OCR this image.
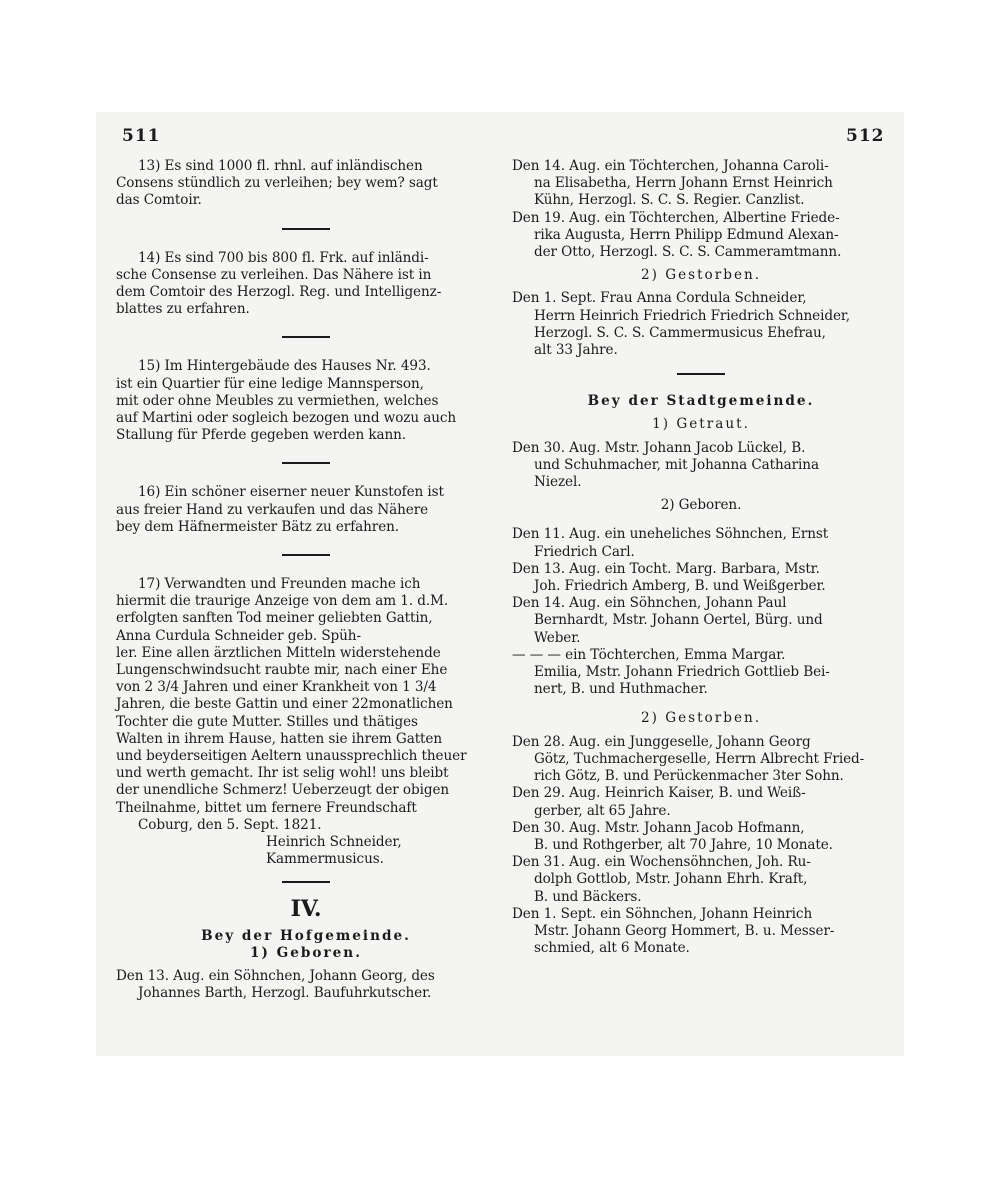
511	512

13) Es sind 1000 fl. rhnl. auf inländischen
Consens stündlich zu verleihen; bey wem? sagt
das Comtoir.

14) Es sind 700 bis 800 fl. Frk. auf inländi-
sche Consense zu verleihen. Das Nähere ist in
dem Comtoir des Herzogl. Reg. und Intelligenz-
blattes zu erfahren.

15) Im Hintergebäude des Hauses Nr. 493.
ist ein Quartier für eine ledige Mannsperson,
mit oder ohne Meubles zu vermiethen, welches
auf Martini oder sogleich bezogen und wozu auch
Stallung für Pferde gegeben werden kann.

16) Ein schöner eiserner neuer Kunstofen ist
aus freier Hand zu verkaufen und das Nähere
bey dem Häfnermeister Bätz zu erfahren.

17) Verwandten und Freunden mache ich
hiermit die traurige Anzeige von dem am 1. d.M.
erfolgten sanften Tod meiner geliebten Gattin,
Anna Curdula Schneider geb. Spüh-
ler. Eine allen ärztlichen Mitteln widerstehende
Lungenschwindsucht raubte mir, nach einer Ehe
von 2 3/4 Jahren und einer Krankheit von 1 3/4
Jahren, die beste Gattin und einer 22monatlichen
Tochter die gute Mutter. Stilles und thätiges
Walten in ihrem Hause, hatten sie ihrem Gatten
und beyderseitigen Aeltern unaussprechlich theuer
und werth gemacht. Ihr ist selig wohl! uns bleibt
der unendliche Schmerz! Ueberzeugt der obigen
Theilnahme, bittet um fernere Freundschaft

Coburg, den 5. Sept. 1821.

Heinrich Schneider,
Kammermusicus.

IV.

Bey der Hofgemeinde.

1) Geboren.

Den 13. Aug. ein Söhnchen, Johann Georg, des
Johannes Barth, Herzogl. Baufuhrkutscher.

Den 14. Aug. ein Töchterchen, Johanna Caroli-
na Elisabetha, Herrn Johann Ernst Heinrich
Kühn, Herzogl. S. C. S. Regier. Canzlist.

Den 19. Aug. ein Töchterchen, Albertine Friede-
rika Augusta, Herrn Philipp Edmund Alexan-
der Otto, Herzogl. S. C. S. Cammeramtmann.

2) Gestorben.

Den 1. Sept. Frau Anna Cordula Schneider,
Herrn Heinrich Friedrich Friedrich Schneider,
Herzogl. S. C. S. Cammermusicus Ehefrau,
alt 33 Jahre.

Bey der Stadtgemeinde.

1) Getraut.

Den 30. Aug. Mstr. Johann Jacob Lückel, B.
und Schuhmacher, mit Johanna Catharina
Niezel.

2) Geboren.

Den 11. Aug. ein uneheliches Söhnchen, Ernst
Friedrich Carl.

Den 13. Aug. ein Tocht. Marg. Barbara, Mstr.
Joh. Friedrich Amberg, B. und Weißgerber.

Den 14. Aug. ein Söhnchen, Johann Paul
Bernhardt, Mstr. Johann Oertel, Bürg. und
Weber.

— — — ein Töchterchen, Emma Margar.
Emilia, Mstr. Johann Friedrich Gottlieb Bei-
nert, B. und Huthmacher.

2) Gestorben.

Den 28. Aug. ein Junggeselle, Johann Georg
Götz, Tuchmachergeselle, Herrn Albrecht Fried-
rich Götz, B. und Perückenmacher 3ter Sohn.

Den 29. Aug. Heinrich Kaiser, B. und Weiß-
gerber, alt 65 Jahre.

Den 30. Aug. Mstr. Johann Jacob Hofmann,
B. und Rothgerber, alt 70 Jahre, 10 Monate.

Den 31. Aug. ein Wochensöhnchen, Joh. Ru-
dolph Gottlob, Mstr. Johann Ehrh. Kraft,
B. und Bäckers.

Den 1. Sept. ein Söhnchen, Johann Heinrich
Mstr. Johann Georg Hommert, B. u. Messer-
schmied, alt 6 Monate.
